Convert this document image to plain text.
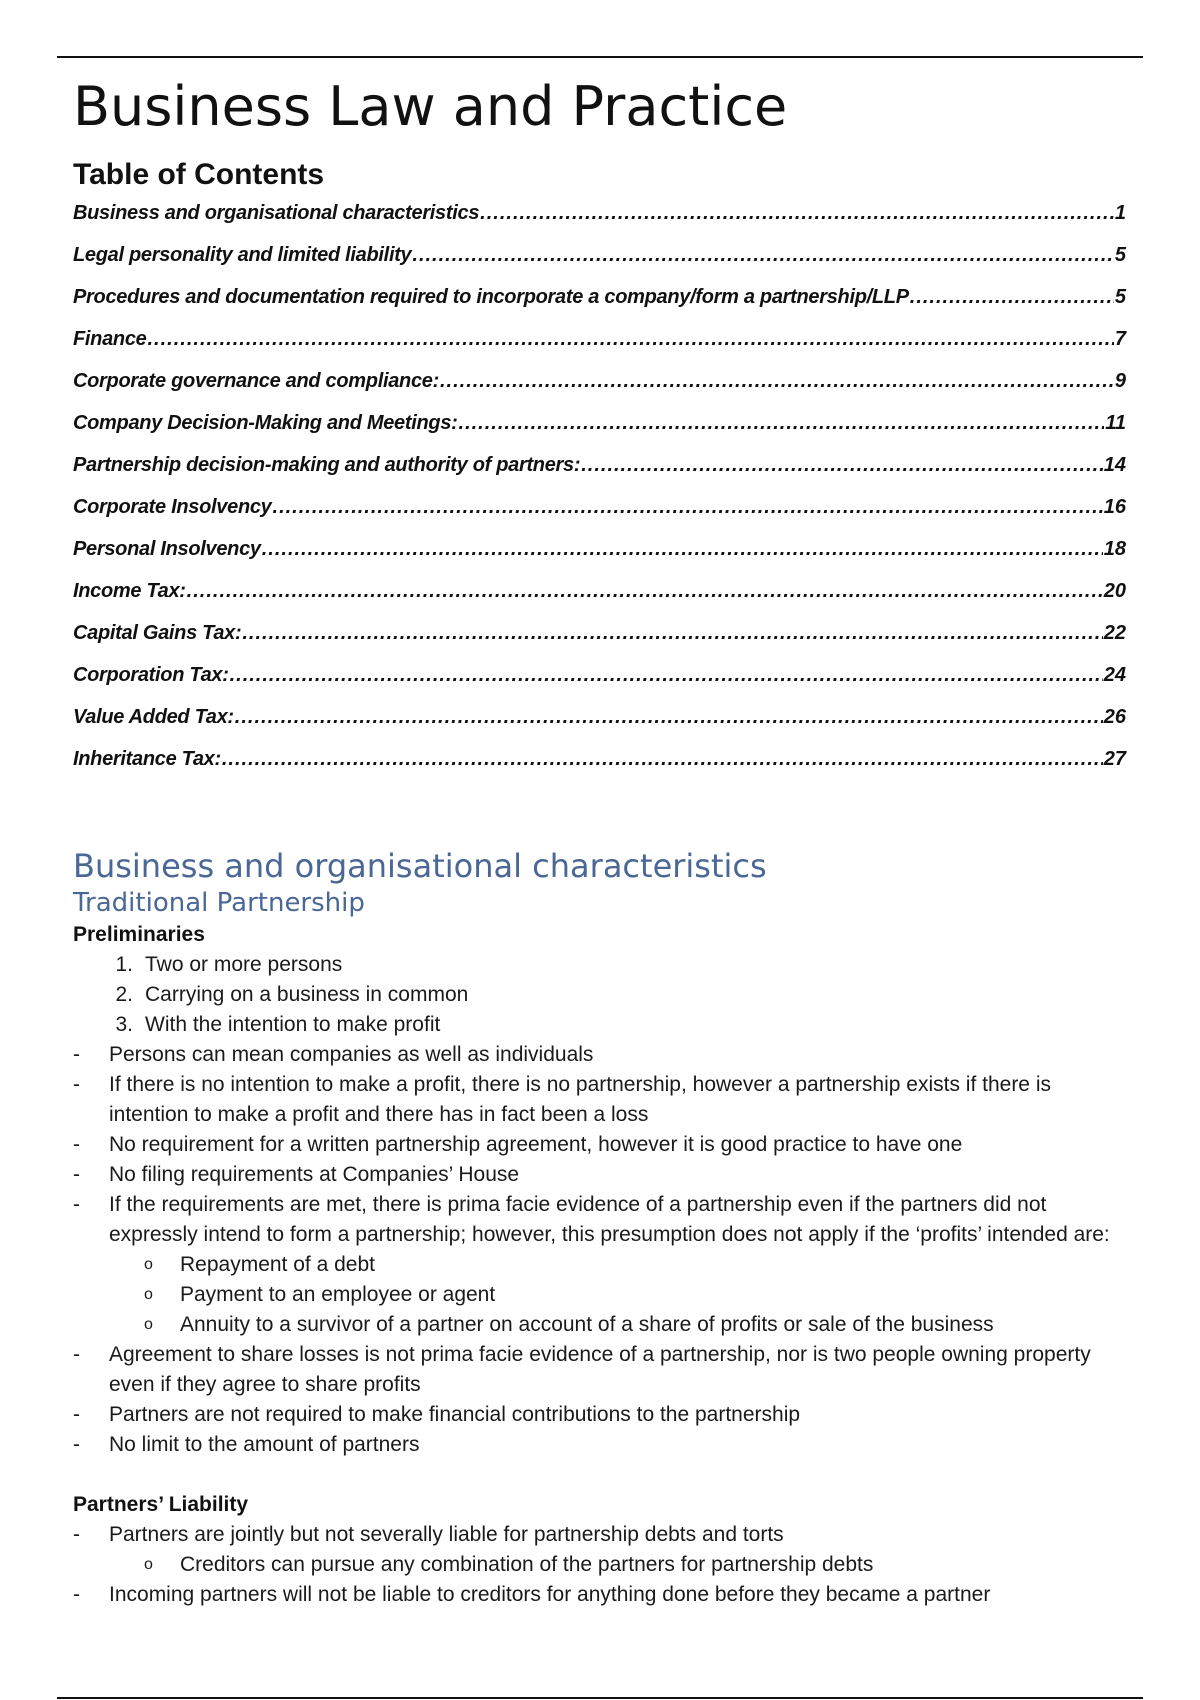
Business Law and Practice
Table of Contents
Business and organisational characteristics .....	1
Legal personality and limited liability .....	5
Procedures and documentation required to incorporate a company/form a partnership/LLP .....	5
Finance .....	7
Corporate governance and compliance: .....	9
Company Decision-Making and Meetings: .....	11
Partnership decision-making and authority of partners: .....	14
Corporate Insolvency .....	16
Personal Insolvency .....	18
Income Tax: .....	20
Capital Gains Tax: .....	22
Corporation Tax: .....	24
Value Added Tax: .....	26
Inheritance Tax: .....	27
Business and organisational characteristics
Traditional Partnership
Preliminaries
1. Two or more persons
2. Carrying on a business in common
3. With the intention to make profit
- Persons can mean companies as well as individuals
- If there is no intention to make a profit, there is no partnership, however a partnership exists if there is intention to make a profit and there has in fact been a loss
- No requirement for a written partnership agreement, however it is good practice to have one
- No filing requirements at Companies’ House
- If the requirements are met, there is prima facie evidence of a partnership even if the partners did not expressly intend to form a partnership; however, this presumption does not apply if the ‘profits’ intended are:
o Repayment of a debt
o Payment to an employee or agent
o Annuity to a survivor of a partner on account of a share of profits or sale of the business
- Agreement to share losses is not prima facie evidence of a partnership, nor is two people owning property even if they agree to share profits
- Partners are not required to make financial contributions to the partnership
- No limit to the amount of partners
Partners’ Liability
- Partners are jointly but not severally liable for partnership debts and torts
o Creditors can pursue any combination of the partners for partnership debts
- Incoming partners will not be liable to creditors for anything done before they became a partner
